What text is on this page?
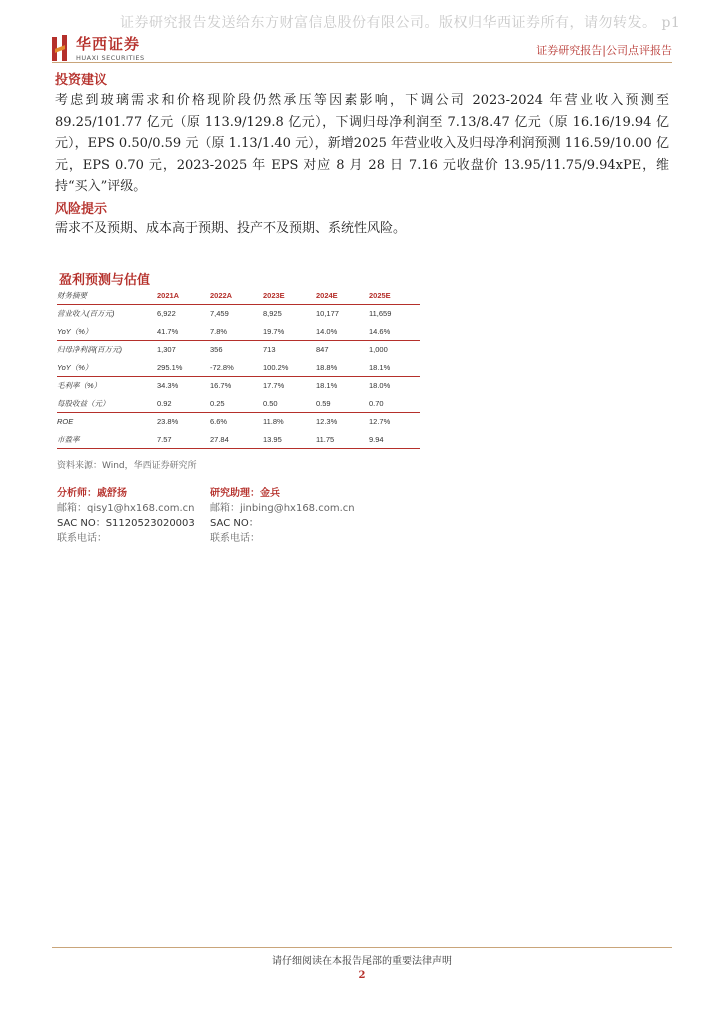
证券研究报告发送给东方财富信息股份有限公司。版权归华西证券所有，请勿转发。 p1
华西证券
HUAXI SECURITIES
证券研究报告|公司点评报告
投资建议
考虑到玻璃需求和价格现阶段仍然承压等因素影响，下调公司 2023-2024 年营业收入预测至 89.25/101.77 亿元（原 113.9/129.8 亿元），下调归母净利润至 7.13/8.47 亿元（原 16.16/19.94 亿元），EPS 0.50/0.59 元（原 1.13/1.40 元），新增2025 年营业收入及归母净利润预测 116.59/10.00 亿元，EPS 0.70 元，2023-2025 年 EPS 对应 8 月 28 日 7.16 元收盘价 13.95/11.75/9.94xPE，维持“买入”评级。
风险提示
需求不及预期、成本高于预期、投产不及预期、系统性风险。
盈利预测与估值
财务摘要	2021A	2022A	2023E	2024E	2025E
营业收入(百万元)	6,922	7,459	8,925	10,177	11,659
YoY（%）	41.7%	7.8%	19.7%	14.0%	14.6%
归母净利润(百万元)	1,307	356	713	847	1,000
YoY（%）	295.1%	-72.8%	100.2%	18.8%	18.1%
毛利率（%）	34.3%	16.7%	17.7%	18.1%	18.0%
每股收益（元）	0.92	0.25	0.50	0.59	0.70
ROE	23.8%	6.6%	11.8%	12.3%	12.7%
市盈率	7.57	27.84	13.95	11.75	9.94
资料来源：Wind，华西证券研究所
分析师：戚舒扬
邮箱：qisy1@hx168.com.cn
SAC NO：S1120523020003
联系电话：
研究助理：金兵
邮箱：jinbing@hx168.com.cn
SAC NO：
联系电话：
请仔细阅读在本报告尾部的重要法律声明
2
